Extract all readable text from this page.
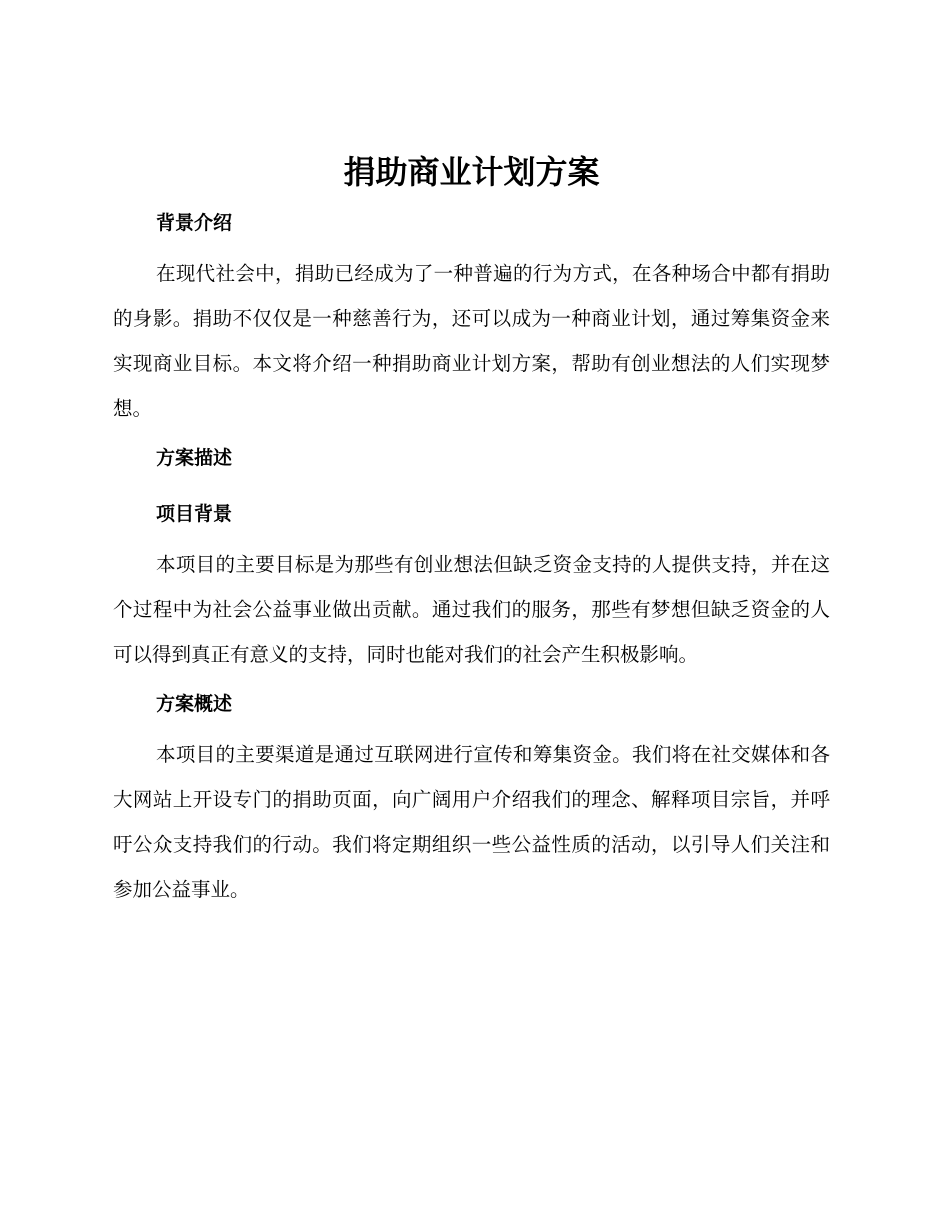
捐助商业计划方案
背景介绍

在现代社会中，捐助已经成为了一种普遍的行为方式，在各种场合中都有捐助的身影。捐助不仅仅是一种慈善行为，还可以成为一种商业计划，通过筹集资金来实现商业目标。本文将介绍一种捐助商业计划方案，帮助有创业想法的人们实现梦想。

方案描述
项目背景

本项目的主要目标是为那些有创业想法但缺乏资金支持的人提供支持，并在这个过程中为社会公益事业做出贡献。通过我们的服务，那些有梦想但缺乏资金的人可以得到真正有意义的支持，同时也能对我们的社会产生积极影响。

方案概述

本项目的主要渠道是通过互联网进行宣传和筹集资金。我们将在社交媒体和各大网站上开设专门的捐助页面，向广阔用户介绍我们的理念、解释项目宗旨，并呼吁公众支持我们的行动。我们将定期组织一些公益性质的活动，以引导人们关注和参加公益事业。
